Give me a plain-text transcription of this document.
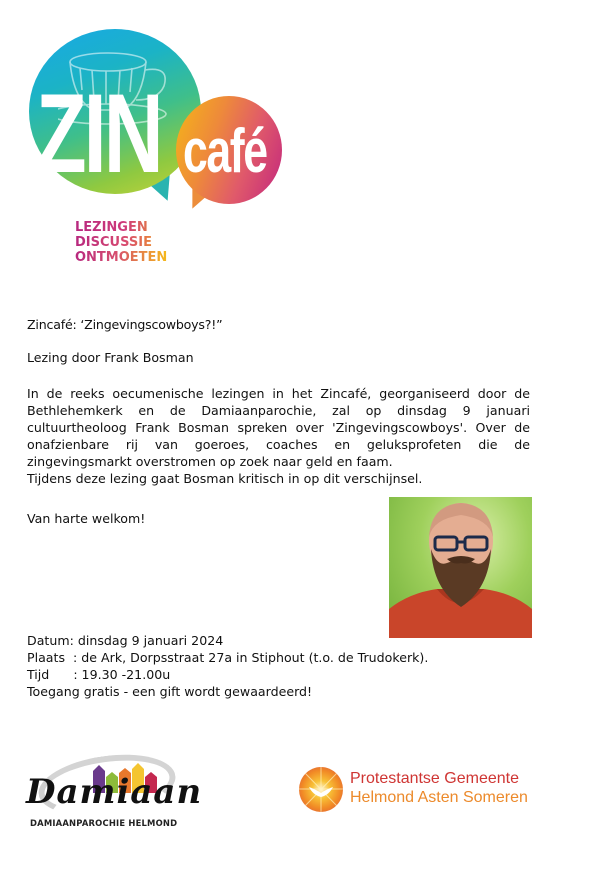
ZIN café
LEZINGEN
DISCUSSIE
ONTMOETEN
Zincafé: ‘Zingevingscowboys?!”
Lezing door Frank Bosman

In de reeks oecumenische lezingen in het Zincafé, georganiseerd door de Bethlehemkerk en de Damiaanparochie, zal op dinsdag 9 januari cultuurtheoloog Frank Bosman spreken over 'Zingevingscowboys'. Over de onafzienbare rij van goeroes, coaches en geluksprofeten die de zingevingsmarkt overstromen op zoek naar geld en faam.

Tijdens deze lezing gaat Bosman kritisch in op dit verschijnsel.

Van harte welkom!
Datum: dinsdag 9 januari 2024
Plaats  : de Ark, Dorpsstraat 27a in Stiphout (t.o. de Trudokerk).
Tijd      : 19.30 -21.00u
Toegang gratis - een gift wordt gewaardeerd!
Damiaan
DAMIAANPAROCHIE HELMOND
Protestantse Gemeente
Helmond Asten Someren
